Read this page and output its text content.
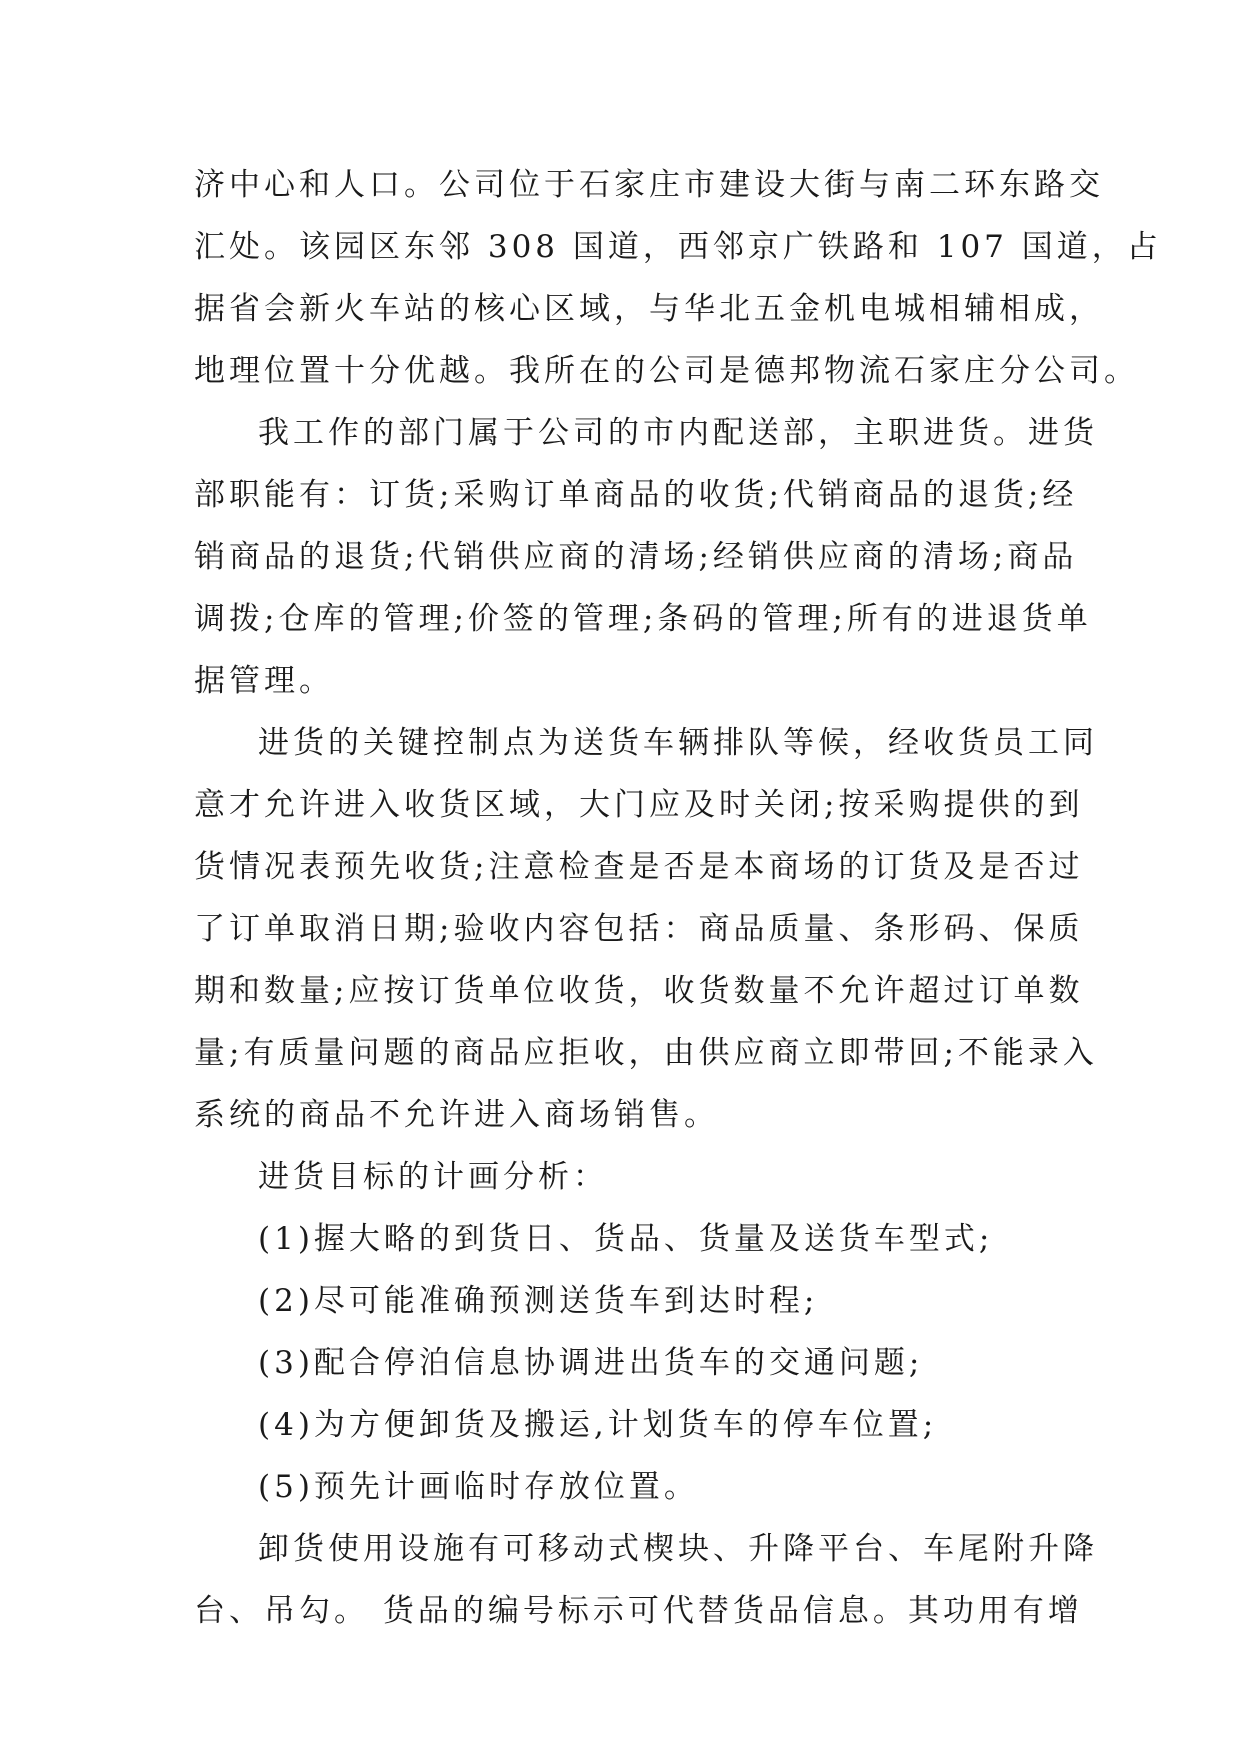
济中心和人口。公司位于石家庄市建设大街与南二环东路交
汇处。该园区东邻 308 国道，西邻京广铁路和 107 国道，占
据省会新火车站的核心区域，与华北五金机电城相辅相成，
地理位置十分优越。我所在的公司是德邦物流石家庄分公司。
我工作的部门属于公司的市内配送部，主职进货。进货
部职能有：订货;采购订单商品的收货;代销商品的退货;经
销商品的退货;代销供应商的清场;经销供应商的清场;商品
调拨;仓库的管理;价签的管理;条码的管理;所有的进退货单
据管理。
进货的关键控制点为送货车辆排队等候，经收货员工同
意才允许进入收货区域，大门应及时关闭;按采购提供的到
货情况表预先收货;注意检查是否是本商场的订货及是否过
了订单取消日期;验收内容包括：商品质量、条形码、保质
期和数量;应按订货单位收货，收货数量不允许超过订单数
量;有质量问题的商品应拒收，由供应商立即带回;不能录入
系统的商品不允许进入商场销售。
进货目标的计画分析：
(1)握大略的到货日、货品、货量及送货车型式;
(2)尽可能准确预测送货车到达时程;
(3)配合停泊信息协调进出货车的交通问题;
(4)为方便卸货及搬运,计划货车的停车位置;
(5)预先计画临时存放位置。
卸货使用设施有可移动式楔块、升降平台、车尾附升降
台、吊勾。 货品的编号标示可代替货品信息。其功用有增
